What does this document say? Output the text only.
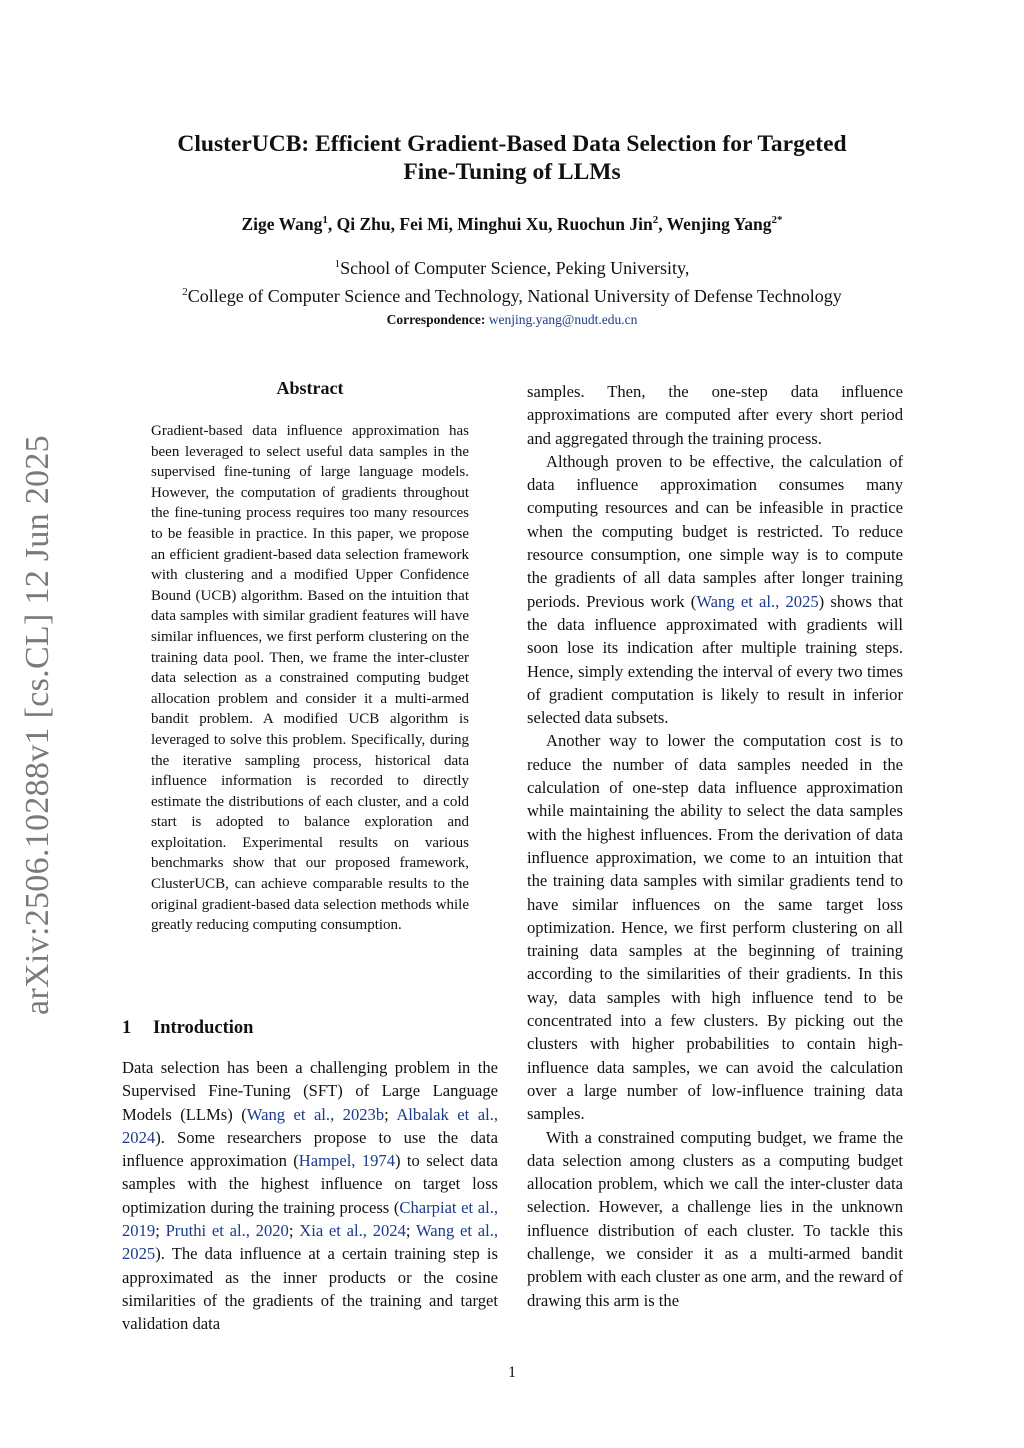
arXiv:2506.10288v1 [cs.CL] 12 Jun 2025
ClusterUCB: Efficient Gradient-Based Data Selection for Targeted
Fine-Tuning of LLMs
Zige Wang$^1$, Qi Zhu, Fei Mi, Minghui Xu, Ruochun Jin$^2$, Wenjing Yang$^{2*}$
$^1$School of Computer Science, Peking University,
$^2$College of Computer Science and Technology, National University of Defense Technology
Correspondence: wenjing.yang@nudt.edu.cn
Abstract

Gradient-based data influence approximation has been leveraged to select useful data samples in the supervised fine-tuning of large language models. However, the computation of gradients throughout the fine-tuning process requires too many resources to be feasible in practice. In this paper, we propose an efficient gradient-based data selection framework with clustering and a modified Upper Confidence Bound (UCB) algorithm. Based on the intuition that data samples with similar gradient features will have similar influences, we first perform clustering on the training data pool. Then, we frame the inter-cluster data selection as a constrained computing budget allocation problem and consider it a multi-armed bandit problem. A modified UCB algorithm is leveraged to solve this problem. Specifically, during the iterative sampling process, historical data influence information is recorded to directly estimate the distributions of each cluster, and a cold start is adopted to balance exploration and exploitation. Experimental results on various benchmarks show that our proposed framework, ClusterUCB, can achieve comparable results to the original gradient-based data selection methods while greatly reducing computing consumption.

1 Introduction

Data selection has been a challenging problem in the Supervised Fine-Tuning (SFT) of Large Language Models (LLMs) (Wang et al., 2023b; Albalak et al., 2024). Some researchers propose to use the data influence approximation (Hampel, 1974) to select data samples with the highest influence on target loss optimization during the training process (Charpiat et al., 2019; Pruthi et al., 2020; Xia et al., 2024; Wang et al., 2025). The data influence at a certain training step is approximated as the inner products or the cosine similarities of the gradients of the training and target validation data

samples. Then, the one-step data influence approximations are computed after every short period and aggregated through the training process.

Although proven to be effective, the calculation of data influence approximation consumes many computing resources and can be infeasible in practice when the computing budget is restricted. To reduce resource consumption, one simple way is to compute the gradients of all data samples after longer training periods. Previous work (Wang et al., 2025) shows that the data influence approximated with gradients will soon lose its indication after multiple training steps. Hence, simply extending the interval of every two times of gradient computation is likely to result in inferior selected data subsets.

Another way to lower the computation cost is to reduce the number of data samples needed in the calculation of one-step data influence approximation while maintaining the ability to select the data samples with the highest influences. From the derivation of data influence approximation, we come to an intuition that the training data samples with similar gradients tend to have similar influences on the same target loss optimization. Hence, we first perform clustering on all training data samples at the beginning of training according to the similarities of their gradients. In this way, data samples with high influence tend to be concentrated into a few clusters. By picking out the clusters with higher probabilities to contain high-influence data samples, we can avoid the calculation over a large number of low-influence training data samples.

With a constrained computing budget, we frame the data selection among clusters as a computing budget allocation problem, which we call the inter-cluster data selection. However, a challenge lies in the unknown influence distribution of each cluster. To tackle this challenge, we consider it as a multi-armed bandit problem with each cluster as one arm, and the reward of drawing this arm is the

1
